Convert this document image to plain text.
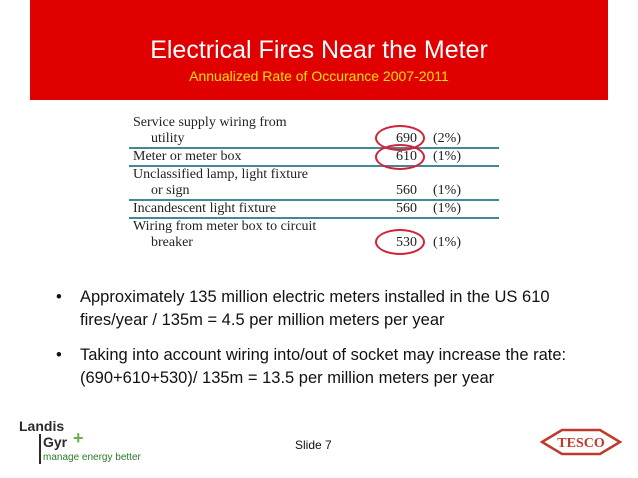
Electrical Fires Near the Meter
Annualized Rate of Occurance 2007-2011
Service supply wiring from
utility	690 (2%)
Meter or meter box	610 (1%)
Unclassified lamp, light fixture
or sign	560 (1%)
Incandescent light fixture	560 (1%)
Wiring from meter box to circuit
breaker	530 (1%)
• Approximately 135 million electric meters installed in the US 610 fires/year / 135m = 4.5 per million meters per year
• Taking into account wiring into/out of socket may increase the rate: (690+610+530)/ 135m = 13.5 per million meters per year
Landis
Gyr +
manage energy better
Slide 7	TESCO
